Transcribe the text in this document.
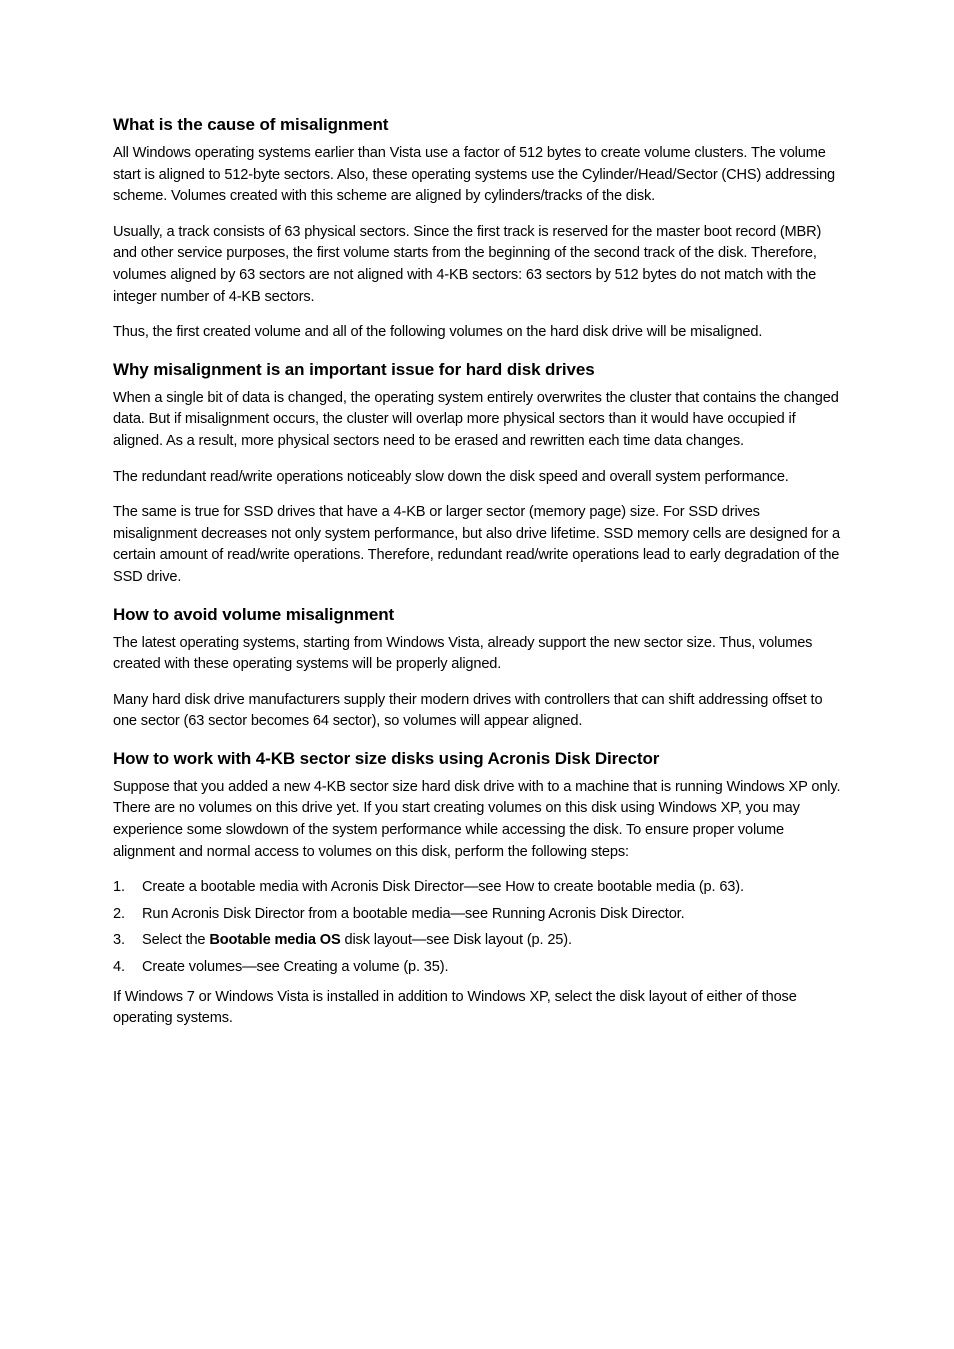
What is the cause of misalignment

All Windows operating systems earlier than Vista use a factor of 512 bytes to create volume clusters. The volume start is aligned to 512-byte sectors. Also, these operating systems use the Cylinder/Head/Sector (CHS) addressing scheme. Volumes created with this scheme are aligned by cylinders/tracks of the disk.

Usually, a track consists of 63 physical sectors. Since the first track is reserved for the master boot record (MBR) and other service purposes, the first volume starts from the beginning of the second track of the disk. Therefore, volumes aligned by 63 sectors are not aligned with 4-KB sectors: 63 sectors by 512 bytes do not match with the integer number of 4-KB sectors.

Thus, the first created volume and all of the following volumes on the hard disk drive will be misaligned.

Why misalignment is an important issue for hard disk drives

When a single bit of data is changed, the operating system entirely overwrites the cluster that contains the changed data. But if misalignment occurs, the cluster will overlap more physical sectors than it would have occupied if aligned. As a result, more physical sectors need to be erased and rewritten each time data changes.

The redundant read/write operations noticeably slow down the disk speed and overall system performance.

The same is true for SSD drives that have a 4-KB or larger sector (memory page) size. For SSD drives misalignment decreases not only system performance, but also drive lifetime. SSD memory cells are designed for a certain amount of read/write operations. Therefore, redundant read/write operations lead to early degradation of the SSD drive.

How to avoid volume misalignment

The latest operating systems, starting from Windows Vista, already support the new sector size. Thus, volumes created with these operating systems will be properly aligned.

Many hard disk drive manufacturers supply their modern drives with controllers that can shift addressing offset to one sector (63 sector becomes 64 sector), so volumes will appear aligned.

How to work with 4-KB sector size disks using Acronis Disk Director

Suppose that you added a new 4-KB sector size hard disk drive with to a machine that is running Windows XP only. There are no volumes on this drive yet. If you start creating volumes on this disk using Windows XP, you may experience some slowdown of the system performance while accessing the disk. To ensure proper volume alignment and normal access to volumes on this disk, perform the following steps:

1.	Create a bootable media with Acronis Disk Director—see How to create bootable media (p. 63).
2.	Run Acronis Disk Director from a bootable media—see Running Acronis Disk Director.
3.	Select the Bootable media OS disk layout—see Disk layout (p. 25).
4.	Create volumes—see Creating a volume (p. 35).

If Windows 7 or Windows Vista is installed in addition to Windows XP, select the disk layout of either of those operating systems.
